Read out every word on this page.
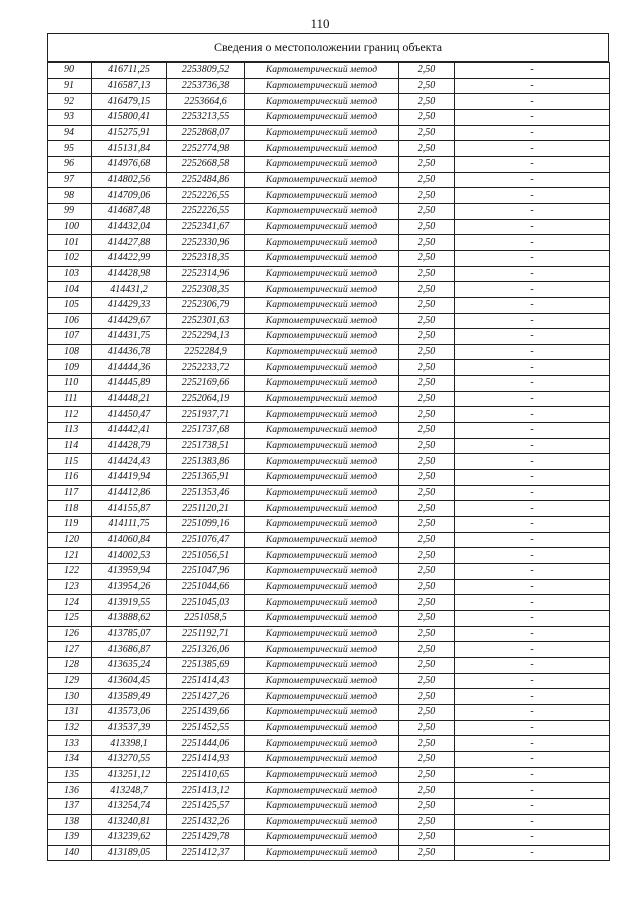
110
Сведения о местоположении границ объекта
90	416711,25	2253809,52	Картометрический метод	2,50	-
91	416587,13	2253736,38	Картометрический метод	2,50	-
92	416479,15	2253664,6	Картометрический метод	2,50	-
93	415800,41	2253213,55	Картометрический метод	2,50	-
94	415275,91	2252868,07	Картометрический метод	2,50	-
95	415131,84	2252774,98	Картометрический метод	2,50	-
96	414976,68	2252668,58	Картометрический метод	2,50	-
97	414802,56	2252484,86	Картометрический метод	2,50	-
98	414709,06	2252226,55	Картометрический метод	2,50	-
99	414687,48	2252226,55	Картометрический метод	2,50	-
100	414432,04	2252341,67	Картометрический метод	2,50	-
101	414427,88	2252330,96	Картометрический метод	2,50	-
102	414422,99	2252318,35	Картометрический метод	2,50	-
103	414428,98	2252314,96	Картометрический метод	2,50	-
104	414431,2	2252308,35	Картометрический метод	2,50	-
105	414429,33	2252306,79	Картометрический метод	2,50	-
106	414429,67	2252301,63	Картометрический метод	2,50	-
107	414431,75	2252294,13	Картометрический метод	2,50	-
108	414436,78	2252284,9	Картометрический метод	2,50	-
109	414444,36	2252233,72	Картометрический метод	2,50	-
110	414445,89	2252169,66	Картометрический метод	2,50	-
111	414448,21	2252064,19	Картометрический метод	2,50	-
112	414450,47	2251937,71	Картометрический метод	2,50	-
113	414442,41	2251737,68	Картометрический метод	2,50	-
114	414428,79	2251738,51	Картометрический метод	2,50	-
115	414424,43	2251383,86	Картометрический метод	2,50	-
116	414419,94	2251365,91	Картометрический метод	2,50	-
117	414412,86	2251353,46	Картометрический метод	2,50	-
118	414155,87	2251120,21	Картометрический метод	2,50	-
119	414111,75	2251099,16	Картометрический метод	2,50	-
120	414060,84	2251076,47	Картометрический метод	2,50	-
121	414002,53	2251056,51	Картометрический метод	2,50	-
122	413959,94	2251047,96	Картометрический метод	2,50	-
123	413954,26	2251044,66	Картометрический метод	2,50	-
124	413919,55	2251045,03	Картометрический метод	2,50	-
125	413888,62	2251058,5	Картометрический метод	2,50	-
126	413785,07	2251192,71	Картометрический метод	2,50	-
127	413686,87	2251326,06	Картометрический метод	2,50	-
128	413635,24	2251385,69	Картометрический метод	2,50	-
129	413604,45	2251414,43	Картометрический метод	2,50	-
130	413589,49	2251427,26	Картометрический метод	2,50	-
131	413573,06	2251439,66	Картометрический метод	2,50	-
132	413537,39	2251452,55	Картометрический метод	2,50	-
133	413398,1	2251444,06	Картометрический метод	2,50	-
134	413270,55	2251414,93	Картометрический метод	2,50	-
135	413251,12	2251410,65	Картометрический метод	2,50	-
136	413248,7	2251413,12	Картометрический метод	2,50	-
137	413254,74	2251425,57	Картометрический метод	2,50	-
138	413240,81	2251432,26	Картометрический метод	2,50	-
139	413239,62	2251429,78	Картометрический метод	2,50	-
140	413189,05	2251412,37	Картометрический метод	2,50	-
